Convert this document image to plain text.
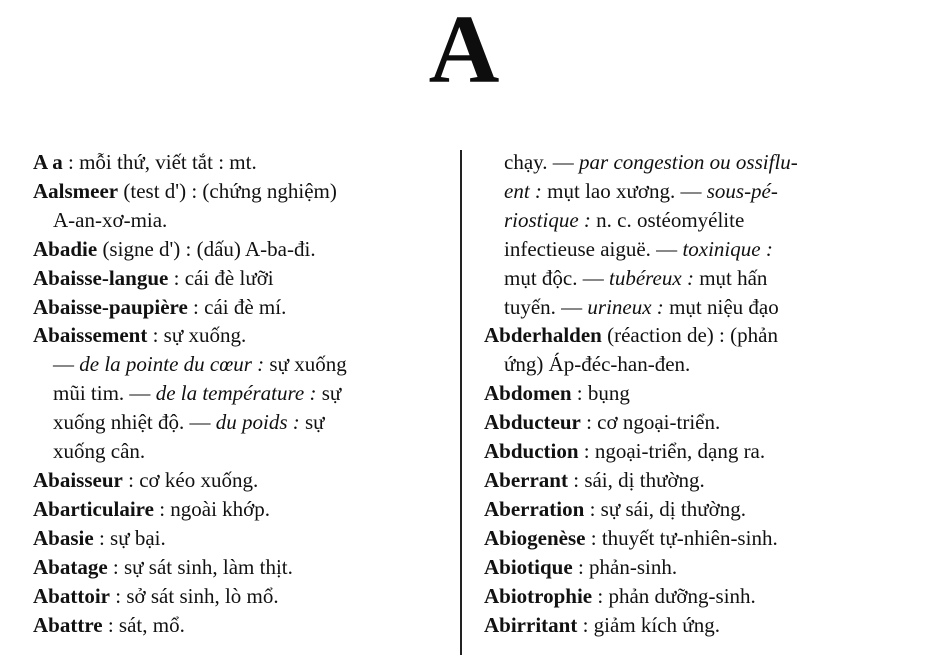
A
A a : mỗi thứ, viết tắt : mt.
Aalsmeer (test d') : (chứng nghiệm)
A-an-xơ-mia.
Abadie (signe d') : (dấu) A-ba-đi.
Abaisse-langue : cái đè lưỡi
Abaisse-paupière : cái đè mí.
Abaissement : sự xuống.
— de la pointe du cœur : sự xuống
mũi tim. — de la température : sự
xuống nhiệt độ. — du poids : sự
xuống cân.
Abaisseur : cơ kéo xuống.
Abarticulaire : ngoài khớp.
Abasie : sự bại.
Abatage : sự sát sinh, làm thịt.
Abattoir : sở sát sinh, lò mổ.
Abattre : sát, mổ.
chạy. — par congestion ou ossiflu-
ent : mụt lao xương. — sous-pé-
riostique : n. c. ostéomyélite
infectieuse aiguë. — toxinique :
mụt độc. — tubéreux : mụt hấn
tuyến. — urineux : mụt niệu đạo
Abderhalden (réaction de) : (phản
ứng) Áp-đéc-han-đen.
Abdomen : bụng
Abducteur : cơ ngoại-triển.
Abduction : ngoại-triển, dạng ra.
Aberrant : sái, dị thường.
Aberration : sự sái, dị thường.
Abiogenèse : thuyết tự-nhiên-sinh.
Abiotique : phản-sinh.
Abiotrophie : phản dưỡng-sinh.
Abirritant : giảm kích ứng.
